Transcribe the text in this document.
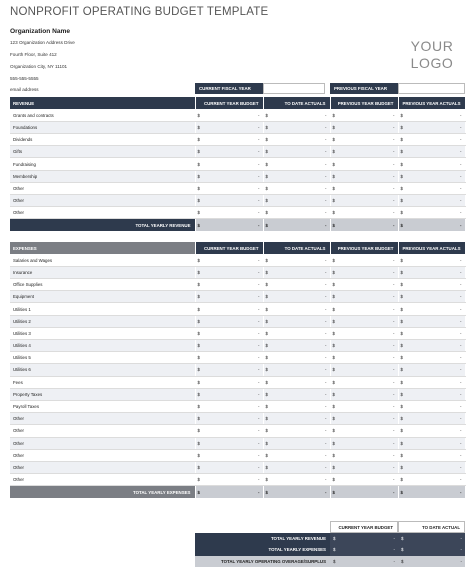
NONPROFIT OPERATING BUDGET TEMPLATE
Organization Name
123 Organization Address Drive
Fourth Floor, Suite 412
Organization City, NY 11101
555-555-5555
email address
YOUR
LOGO
CURRENT FISCAL YEAR	PREVIOUS FISCAL YEAR
REVENUE	CURRENT YEAR BUDGET	TO DATE ACTUALS	PREVIOUS YEAR BUDGET	PREVIOUS YEAR ACTUALS
Grants and contracts	$ -	$ -	$ -	$ -

Foundations	$ -	$ -	$ -	$ -

Dividends	$ -	$ -	$ -	$ -

Gifts	$ -	$ -	$ -	$ -

Fundraising	$ -	$ -	$ -	$ -

Membership	$ -	$ -	$ -	$ -

Other	$ -	$ -	$ -	$ -

Other	$ -	$ -	$ -	$ -

Other	$ -	$ -	$ -	$ -

TOTAL YEARLY REVENUE	$ -	$ -	$ -	$ -
EXPENSES	CURRENT YEAR BUDGET	TO DATE ACTUALS	PREVIOUS YEAR BUDGET	PREVIOUS YEAR ACTUALS
Salaries and Wages	$ -	$ -	$ -	$ -

Insurance	$ -	$ -	$ -	$ -

Office Supplies	$ -	$ -	$ -	$ -

Equipment	$ -	$ -	$ -	$ -

Utilities 1	$ -	$ -	$ -	$ -

Utilities 2	$ -	$ -	$ -	$ -

Utilities 3	$ -	$ -	$ -	$ -

Utilities 4	$ -	$ -	$ -	$ -

Utilities 5	$ -	$ -	$ -	$ -

Utilities 6	$ -	$ -	$ -	$ -

Fees	$ -	$ -	$ -	$ -

Property Taxes	$ -	$ -	$ -	$ -

Payroll Taxes	$ -	$ -	$ -	$ -

Other	$ -	$ -	$ -	$ -

Other	$ -	$ -	$ -	$ -

Other	$ -	$ -	$ -	$ -

Other	$ -	$ -	$ -	$ -

Other	$ -	$ -	$ -	$ -

Other	$ -	$ -	$ -	$ -

TOTAL YEARLY EXPENSES	$ -	$ -	$ -	$ -
CURRENT YEAR BUDGET	TO DATE ACTUAL
TOTAL YEARLY REVENUE	$	- $	-
TOTAL YEARLY EXPENSES	$	- $	-
TOTAL YEARLY OPERATING OVERAGE/SURPLUS	$	- $	-
